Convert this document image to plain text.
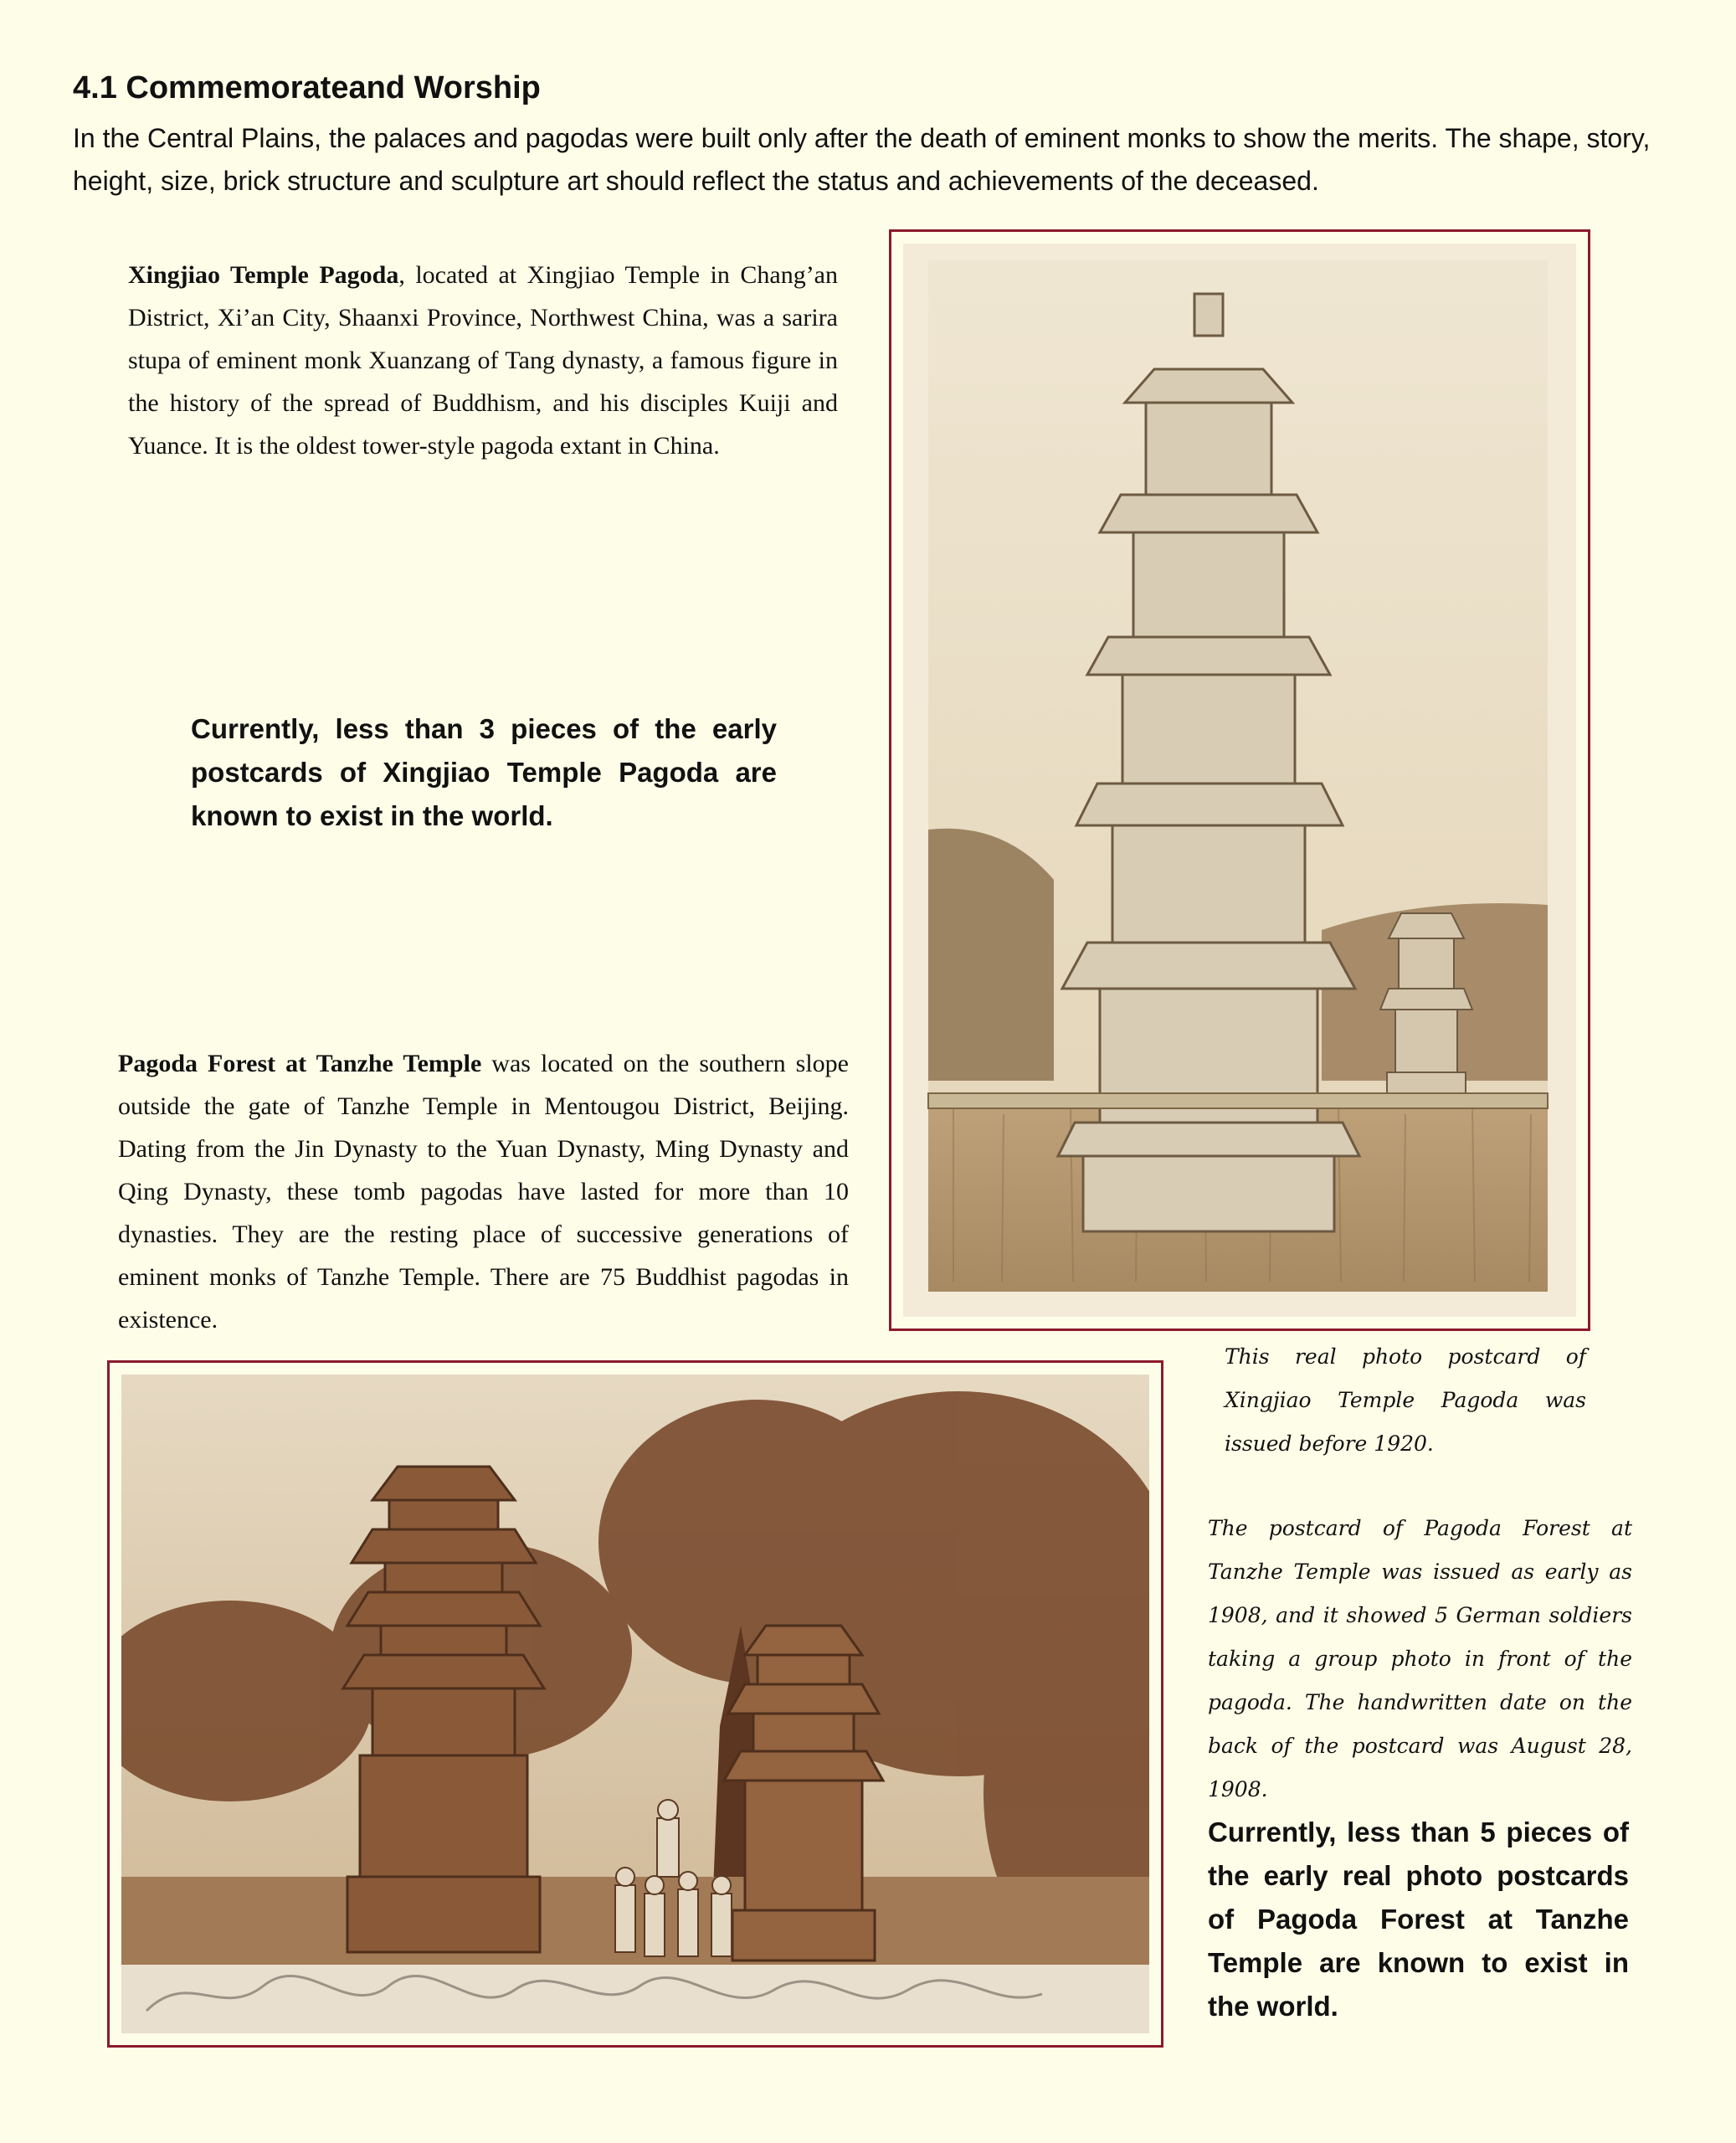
4.1 Commemorateand Worship

In the Central Plains, the palaces and pagodas were built only after the death of eminent monks to show the merits. The shape, story, height, size, brick structure and sculpture art should reflect the status and achievements of the deceased.

Xingjiao Temple Pagoda, located at Xingjiao Temple in Chang’an District, Xi’an City, Shaanxi Province, Northwest China, was a sarira stupa of eminent monk Xuanzang of Tang dynasty, a famous figure in the history of the spread of Buddhism, and his disciples Kuiji and Yuance. It is the oldest tower-style pagoda extant in China.

Currently, less than 3 pieces of the early postcards of Xingjiao Temple Pagoda are known to exist in the world.

Pagoda Forest at Tanzhe Temple was located on the southern slope outside the gate of Tanzhe Temple in Mentougou District, Beijing. Dating from the Jin Dynasty to the Yuan Dynasty, Ming Dynasty and Qing Dynasty, these tomb pagodas have lasted for more than 10 dynasties. They are the resting place of successive generations of eminent monks of Tanzhe Temple. There are 75 Buddhist pagodas in existence.

This real photo postcard of Xingjiao Temple Pagoda was issued before 1920.

The postcard of Pagoda Forest at Tanzhe Temple was issued as early as 1908, and it showed 5 German soldiers taking a group photo in front of the pagoda. The handwritten date on the back of the postcard was August 28, 1908.

Currently, less than 5 pieces of the early real photo postcards of Pagoda Forest at Tanzhe Temple are known to exist in the world.
